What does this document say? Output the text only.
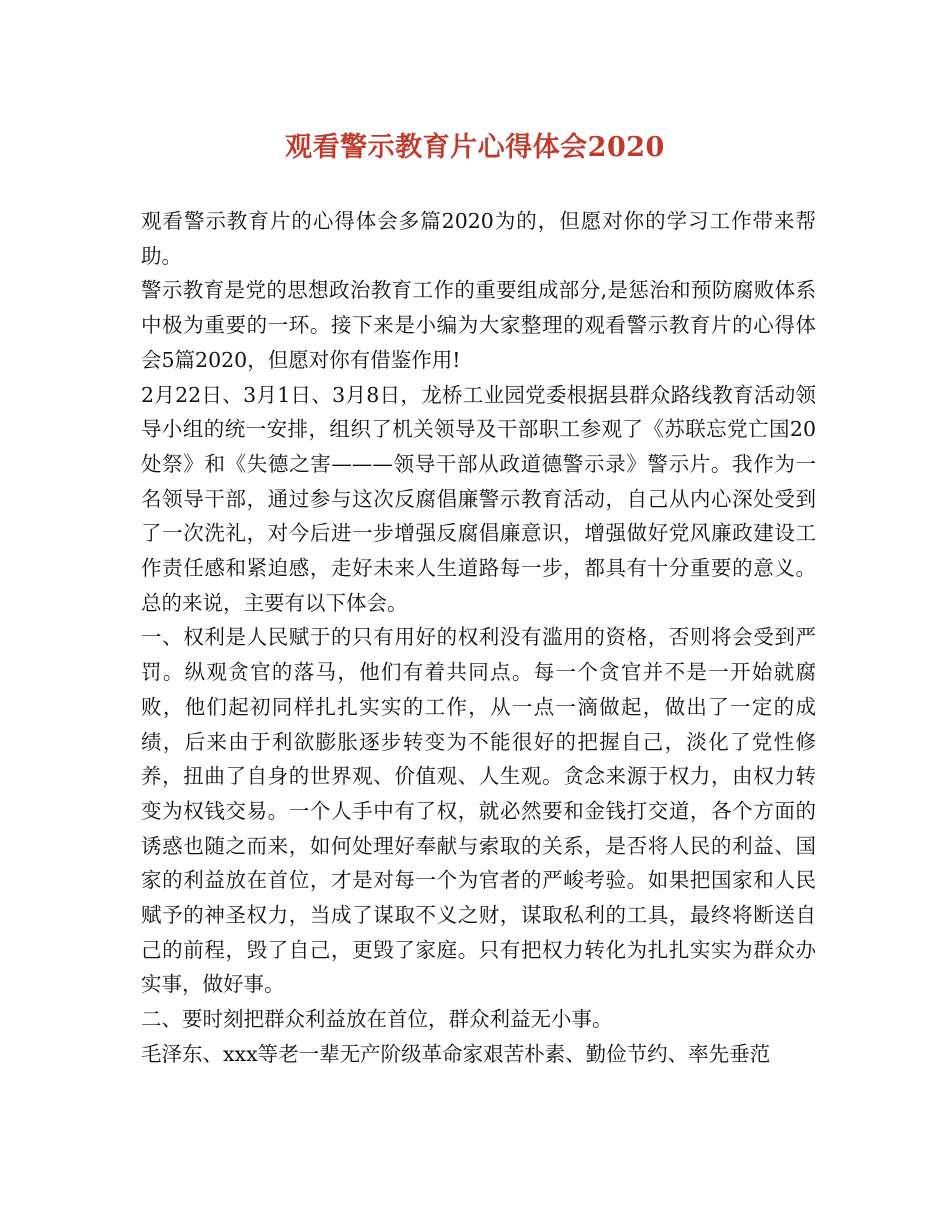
观看警示教育片心得体会2020

观看警示教育片的心得体会多篇2020为的，但愿对你的学习工作带来帮助。

警示教育是党的思想政治教育工作的重要组成部分,是惩治和预防腐败体系中极为重要的一环。接下来是小编为大家整理的观看警示教育片的心得体会5篇2020，但愿对你有借鉴作用!

2月22日、3月1日、3月8日，龙桥工业园党委根据县群众路线教育活动领导小组的统一安排，组织了机关领导及干部职工参观了《苏联忘党亡国20处祭》和《失德之害———领导干部从政道德警示录》警示片。我作为一名领导干部，通过参与这次反腐倡廉警示教育活动，自己从内心深处受到了一次洗礼，对今后进一步增强反腐倡廉意识，增强做好党风廉政建设工作责任感和紧迫感，走好未来人生道路每一步，都具有十分重要的意义。总的来说，主要有以下体会。

一、权利是人民赋于的只有用好的权利没有滥用的资格，否则将会受到严罚。纵观贪官的落马，他们有着共同点。每一个贪官并不是一开始就腐败，他们起初同样扎扎实实的工作，从一点一滴做起，做出了一定的成绩，后来由于利欲膨胀逐步转变为不能很好的把握自己，淡化了党性修养，扭曲了自身的世界观、价值观、人生观。贪念来源于权力，由权力转变为权钱交易。一个人手中有了权，就必然要和金钱打交道，各个方面的诱惑也随之而来，如何处理好奉献与索取的关系，是否将人民的利益、国家的利益放在首位，才是对每一个为官者的严峻考验。如果把国家和人民赋予的神圣权力，当成了谋取不义之财，谋取私利的工具，最终将断送自己的前程，毁了自己，更毁了家庭。只有把权力转化为扎扎实实为群众办实事，做好事。

二、要时刻把群众利益放在首位，群众利益无小事。

毛泽东、xxx等老一辈无产阶级革命家艰苦朴素、勤俭节约、率先垂范
